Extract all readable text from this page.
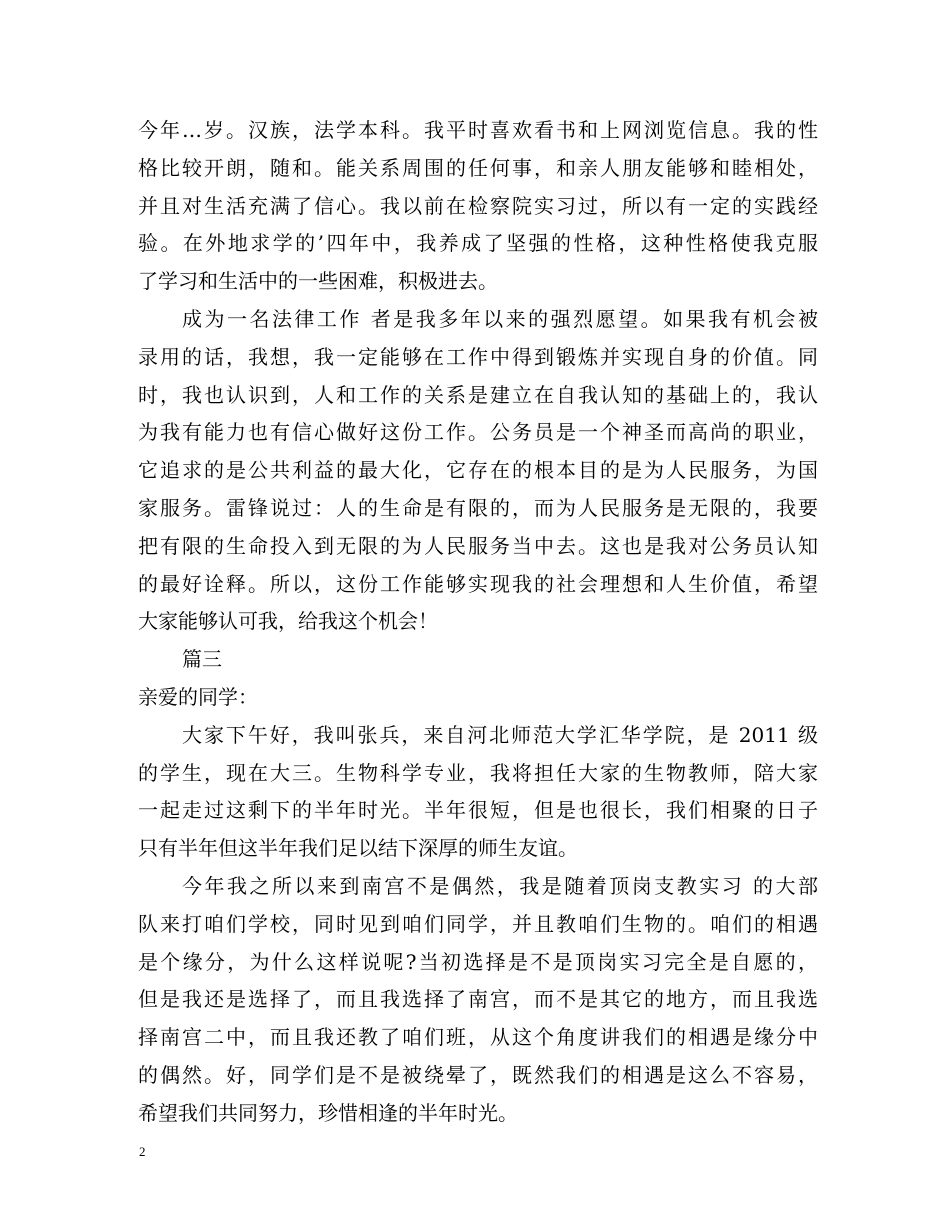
今年…岁。汉族，法学本科。我平时喜欢看书和上网浏览信息。我的性
格比较开朗，随和。能关系周围的任何事，和亲人朋友能够和睦相处，
并且对生活充满了信心。我以前在检察院实习过，所以有一定的实践经
验。在外地求学的’四年中，我养成了坚强的性格，这种性格使我克服
了学习和生活中的一些困难，积极进去。
成为一名法律工作 者是我多年以来的强烈愿望。如果我有机会被
录用的话，我想，我一定能够在工作中得到锻炼并实现自身的价值。同
时，我也认识到，人和工作的关系是建立在自我认知的基础上的，我认
为我有能力也有信心做好这份工作。公务员是一个神圣而高尚的职业，
它追求的是公共利益的最大化，它存在的根本目的是为人民服务，为国
家服务。雷锋说过：人的生命是有限的，而为人民服务是无限的，我要
把有限的生命投入到无限的为人民服务当中去。这也是我对公务员认知
的最好诠释。所以，这份工作能够实现我的社会理想和人生价值，希望
大家能够认可我，给我这个机会！
篇三
亲爱的同学：
大家下午好，我叫张兵，来自河北师范大学汇华学院，是 2011 级
的学生，现在大三。生物科学专业，我将担任大家的生物教师，陪大家
一起走过这剩下的半年时光。半年很短，但是也很长，我们相聚的日子
只有半年但这半年我们足以结下深厚的师生友谊。
今年我之所以来到南宫不是偶然，我是随着顶岗支教实习 的大部
队来打咱们学校，同时见到咱们同学，并且教咱们生物的。咱们的相遇
是个缘分，为什么这样说呢?当初选择是不是顶岗实习完全是自愿的，
但是我还是选择了，而且我选择了南宫，而不是其它的地方，而且我选
择南宫二中，而且我还教了咱们班，从这个角度讲我们的相遇是缘分中
的偶然。好，同学们是不是被绕晕了，既然我们的相遇是这么不容易，
希望我们共同努力，珍惜相逢的半年时光。
2
